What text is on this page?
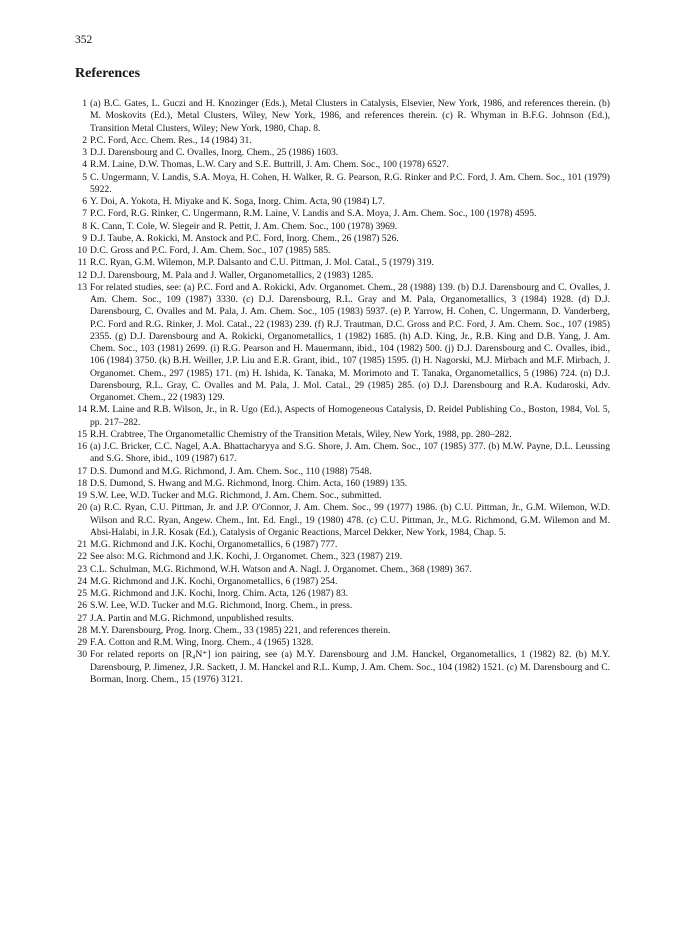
352
References
1 (a) B.C. Gates, L. Guczi and H. Knozinger (Eds.), Metal Clusters in Catalysis, Elsevier, New York, 1986, and references therein. (b) M. Moskovits (Ed.), Metal Clusters, Wiley, New York, 1986, and references therein. (c) R. Whyman in B.F.G. Johnson (Ed.), Transition Metal Clusters, Wiley; New York, 1980, Chap. 8.
2 P.C. Ford, Acc. Chem. Res., 14 (1984) 31.
3 D.J. Darensbourg and C. Ovalles, Inorg. Chem., 25 (1986) 1603.
4 R.M. Laine, D.W. Thomas, L.W. Cary and S.E. Buttrill, J. Am. Chem. Soc., 100 (1978) 6527.
5 C. Ungermann, V. Landis, S.A. Moya, H. Cohen, H. Walker, R. G. Pearson, R.G. Rinker and P.C. Ford, J. Am. Chem. Soc., 101 (1979) 5922.
6 Y. Doi, A. Yokota, H. Miyake and K. Soga, Inorg. Chim. Acta, 90 (1984) L7.
7 P.C. Ford, R.G. Rinker, C. Ungermann, R.M. Laine, V. Landis and S.A. Moya, J. Am. Chem. Soc., 100 (1978) 4595.
8 K. Cann, T. Cole, W. Slegeir and R. Pettit, J. Am. Chem. Soc., 100 (1978) 3969.
9 D.J. Taube, A. Rokicki, M. Anstock and P.C. Ford, Inorg. Chem., 26 (1987) 526.
10 D.C. Gross and P.C. Ford, J. Am. Chem. Soc., 107 (1985) 585.
11 R.C. Ryan, G.M. Wilemon, M.P. Dalsanto and C.U. Pittman, J. Mol. Catal., 5 (1979) 319.
12 D.J. Darensbourg, M. Pala and J. Waller, Organometallics, 2 (1983) 1285.
13 For related studies, see: (a) P.C. Ford and A. Rokicki, Adv. Organomet. Chem., 28 (1988) 139. (b) D.J. Darensbourg and C. Ovalles, J. Am. Chem. Soc., 109 (1987) 3330. (c) D.J. Darensbourg, R.L. Gray and M. Pala, Organometallics, 3 (1984) 1928. (d) D.J. Darensbourg, C. Ovalles and M. Pala, J. Am. Chem. Soc., 105 (1983) 5937. (e) P. Yarrow, H. Cohen, C. Ungermann, D. Vanderberg, P.C. Ford and R.G. Rinker, J. Mol. Catal., 22 (1983) 239. (f) R.J. Trautman, D.C. Gross and P.C. Ford, J. Am. Chem. Soc., 107 (1985) 2355. (g) D.J. Darensbourg and A. Rokicki, Organometallics, 1 (1982) 1685. (h) A.D. King, Jr., R.B. King and D.B. Yang, J. Am. Chem. Soc., 103 (1981) 2699. (i) R.G. Pearson and H. Mauermann, ibid., 104 (1982) 500. (j) D.J. Darensbourg and C. Ovalles, ibid., 106 (1984) 3750. (k) B.H. Weiller, J.P. Liu and E.R. Grant, ibid., 107 (1985) 1595. (l) H. Nagorski, M.J. Mirbach and M.F. Mirbach, J. Organomet. Chem., 297 (1985) 171. (m) H. Ishida, K. Tanaka, M. Morimoto and T. Tanaka, Organometallics, 5 (1986) 724. (n) D.J. Darensbourg, R.L. Gray, C. Ovalles and M. Pala, J. Mol. Catal., 29 (1985) 285. (o) D.J. Darensbourg and R.A. Kudaroski, Adv. Organomet. Chem., 22 (1983) 129.
14 R.M. Laine and R.B. Wilson, Jr., in R. Ugo (Ed.), Aspects of Homogeneous Catalysis, D. Reidel Publishing Co., Boston, 1984, Vol. 5, pp. 217–282.
15 R.H. Crabtree, The Organometallic Chemistry of the Transition Metals, Wiley, New York, 1988, pp. 280–282.
16 (a) J.C. Bricker, C.C. Nagel, A.A. Bhattacharyya and S.G. Shore, J. Am. Chem. Soc., 107 (1985) 377. (b) M.W. Payne, D.L. Leussing and S.G. Shore, ibid., 109 (1987) 617.
17 D.S. Dumond and M.G. Richmond, J. Am. Chem. Soc., 110 (1988) 7548.
18 D.S. Dumond, S. Hwang and M.G. Richmond, Inorg. Chim. Acta, 160 (1989) 135.
19 S.W. Lee, W.D. Tucker and M.G. Richmond, J. Am. Chem. Soc., submitted.
20 (a) R.C. Ryan, C.U. Pittman, Jr. and J.P. O'Connor, J. Am. Chem. Soc., 99 (1977) 1986. (b) C.U. Pittman, Jr., G.M. Wilemon, W.D. Wilson and R.C. Ryan, Angew. Chem., Int. Ed. Engl., 19 (1980) 478. (c) C.U. Pittman, Jr., M.G. Richmond, G.M. Wilemon and M. Absi-Halabi, in J.R. Kosak (Ed.), Catalysis of Organic Reactions, Marcel Dekker, New York, 1984, Chap. 5.
21 M.G. Richmond and J.K. Kochi, Organometallics, 6 (1987) 777.
22 See also: M.G. Richmond and J.K. Kochi, J. Organomet. Chem., 323 (1987) 219.
23 C.L. Schulman, M.G. Richmond, W.H. Watson and A. Nagl. J. Organomet. Chem., 368 (1989) 367.
24 M.G. Richmond and J.K. Kochi, Organometallics, 6 (1987) 254.
25 M.G. Richmond and J.K. Kochi, Inorg. Chim. Acta, 126 (1987) 83.
26 S.W. Lee, W.D. Tucker and M.G. Richmond, Inorg. Chem., in press.
27 J.A. Partin and M.G. Richmond, unpublished results.
28 M.Y. Darensbourg, Prog. Inorg. Chem., 33 (1985) 221, and references therein.
29 F.A. Cotton and R.M. Wing, Inorg. Chem., 4 (1965) 1328.
30 For related reports on [R₄N⁺] ion pairing, see (a) M.Y. Darensbourg and J.M. Hanckel, Organometallics, 1 (1982) 82. (b) M.Y. Darensbourg, P. Jimenez, J.R. Sackett, J. M. Hanckel and R.L. Kump, J. Am. Chem. Soc., 104 (1982) 1521. (c) M. Darensbourg and C. Borman, Inorg. Chem., 15 (1976) 3121.
